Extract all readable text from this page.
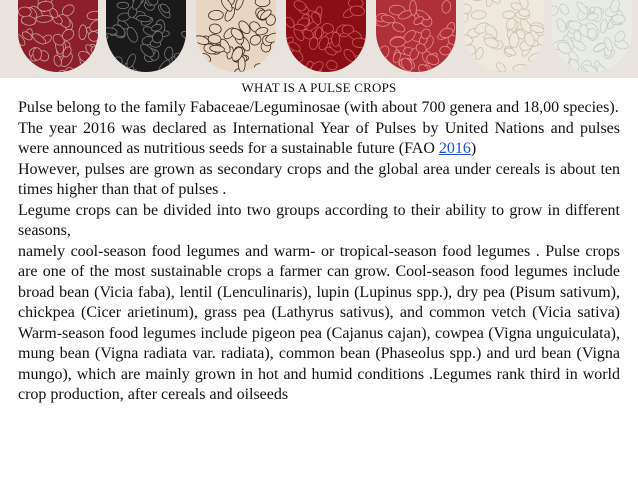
WHAT IS A PULSE CROPS

Pulse belong to the family Fabaceae/Leguminosae (with about 700 genera and 18,00 species).

The year 2016 was declared as International Year of Pulses by United Nations and pulses were announced as nutritious seeds for a sustainable future (FAO 2016)

However, pulses are grown as secondary crops and the global area under cereals is about ten times higher than that of pulses .

Legume crops can be divided into two groups according to their ability to grow in different seasons,

namely cool-season food legumes and warm- or tropical-season food legumes . Pulse crops are one of the most sustainable crops a farmer can grow. Cool-season food legumes include broad bean (Vicia faba), lentil (Lenculinaris), lupin (Lupinus spp.), dry pea (Pisum sativum), chickpea (Cicer arietinum), grass pea (Lathyrus sativus), and common vetch (Vicia sativa) Warm-season food legumes include pigeon pea (Cajanus cajan), cowpea (Vigna unguiculata), mung bean (Vigna radiata var. radiata), common bean (Phaseolus spp.) and urd bean (Vigna mungo), which are mainly grown in hot and humid conditions .Legumes rank third in world crop production, after cereals and oilseeds
